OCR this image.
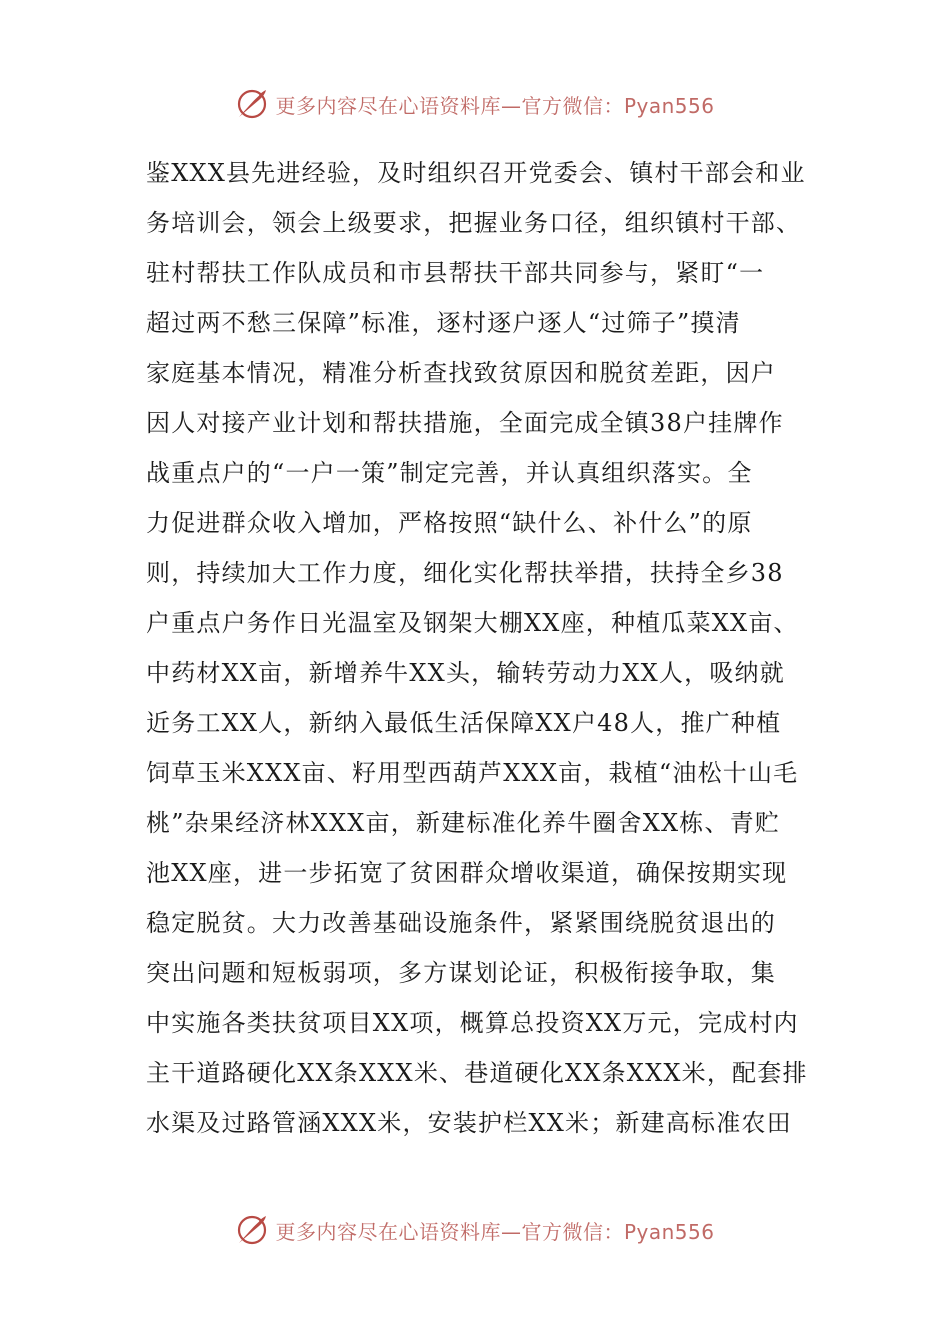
更多内容尽在心语资料库—官方微信：Pyan556
鉴XXX县先进经验，及时组织召开党委会、镇村干部会和业
务培训会，领会上级要求，把握业务口径，组织镇村干部、
驻村帮扶工作队成员和市县帮扶干部共同参与，紧盯“一
超过两不愁三保障”标准，逐村逐户逐人“过筛子”摸清
家庭基本情况，精准分析查找致贫原因和脱贫差距，因户
因人对接产业计划和帮扶措施，全面完成全镇38户挂牌作
战重点户的“一户一策”制定完善，并认真组织落实。全
力促进群众收入增加，严格按照“缺什么、补什么”的原
则，持续加大工作力度，细化实化帮扶举措，扶持全乡38
户重点户务作日光温室及钢架大棚XX座，种植瓜菜XX亩、
中药材XX亩，新增养牛XX头，输转劳动力XX人，吸纳就
近务工XX人，新纳入最低生活保障XX户48人，推广种植
饲草玉米XXX亩、籽用型西葫芦XXX亩，栽植“油松十山毛
桃”杂果经济林XXX亩，新建标准化养牛圈舍XX栋、青贮
池XX座，进一步拓宽了贫困群众增收渠道，确保按期实现
稳定脱贫。大力改善基础设施条件，紧紧围绕脱贫退出的
突出问题和短板弱项，多方谋划论证，积极衔接争取，集
中实施各类扶贫项目XX项，概算总投资XX万元，完成村内
主干道路硬化XX条XXX米、巷道硬化XX条XXX米，配套排
水渠及过路管涵XXX米，安装护栏XX米；新建高标准农田
更多内容尽在心语资料库—官方微信：Pyan556
